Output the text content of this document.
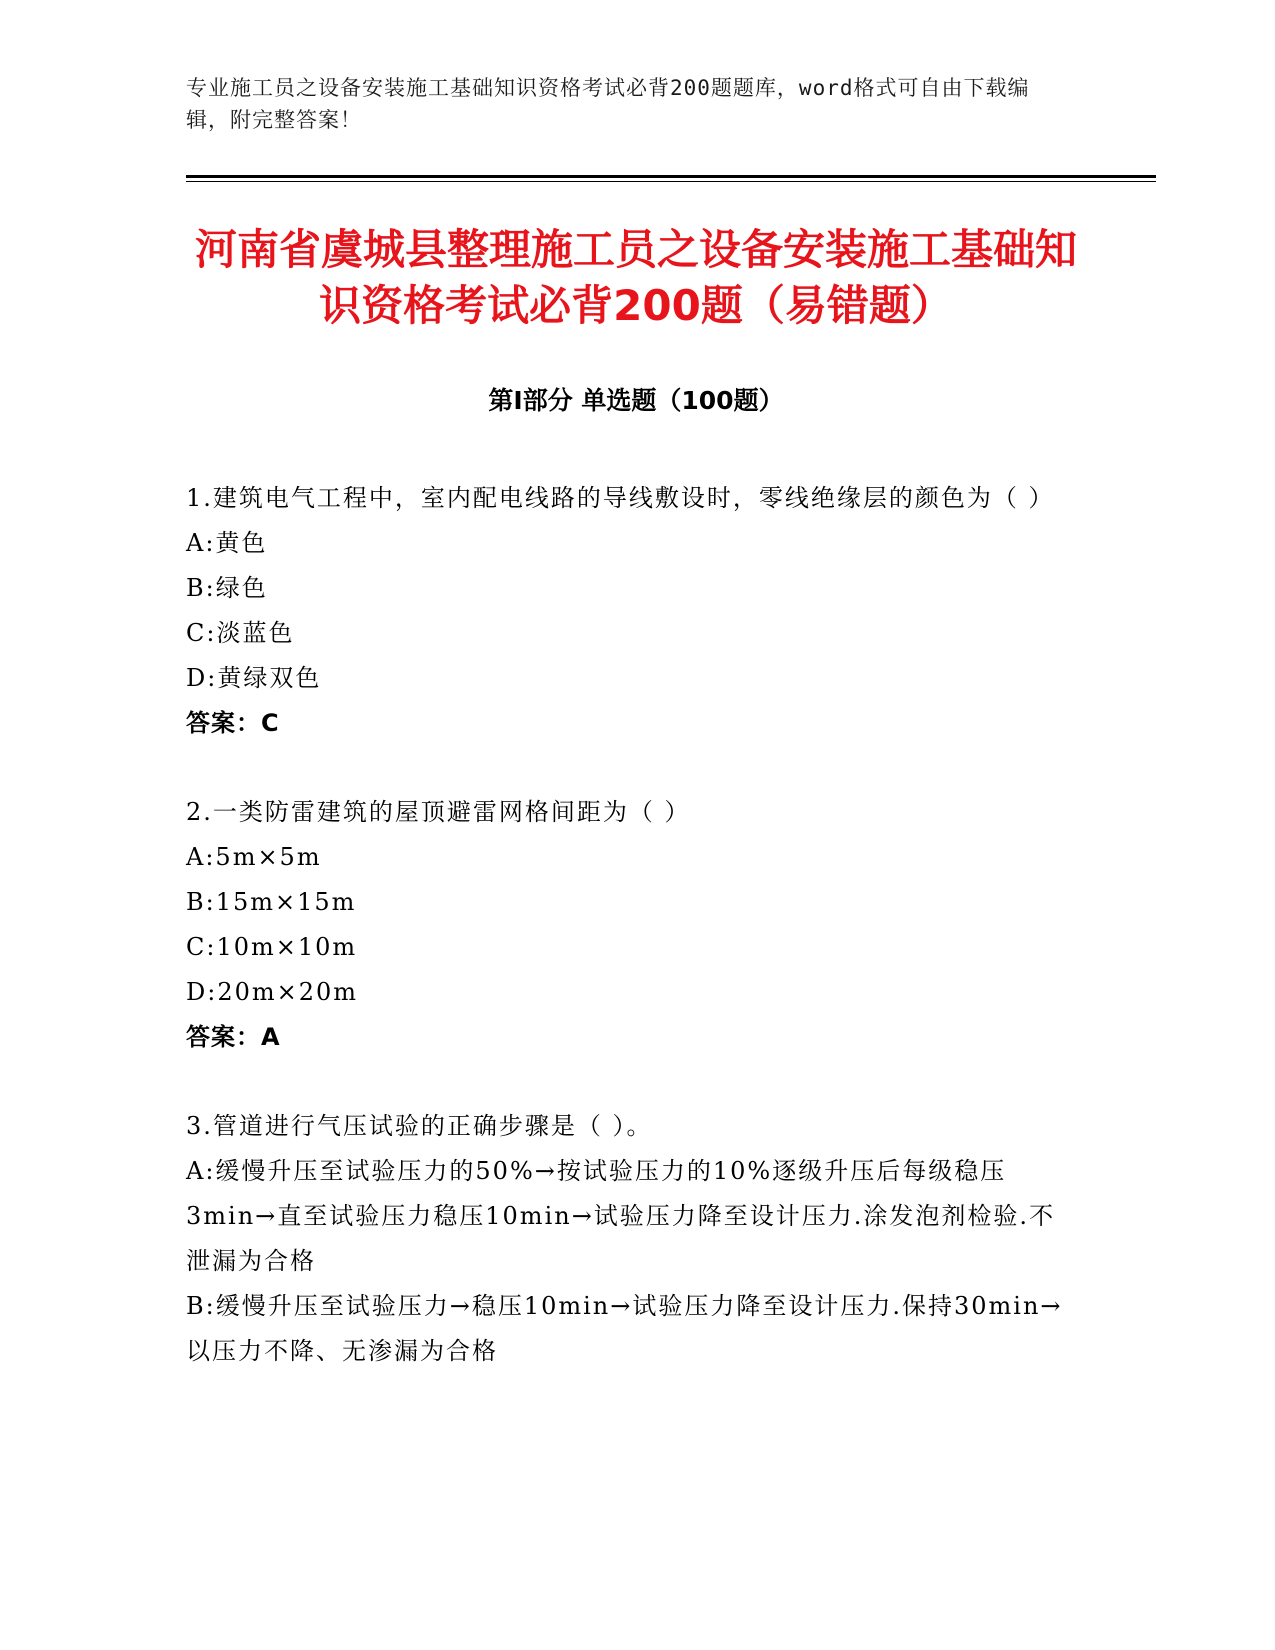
专业施工员之设备安装施工基础知识资格考试必背200题题库，word格式可自由下载编辑，附完整答案！
河南省虞城县整理施工员之设备安装施工基础知识资格考试必背200题（易错题）
第Ⅰ部分 单选题（100题）
1.建筑电气工程中，室内配电线路的导线敷设时，零线绝缘层的颜色为（ ）
A:黄色
B:绿色
C:淡蓝色
D:黄绿双色
答案：C
2.一类防雷建筑的屋顶避雷网格间距为（ ）
A:5m×5m
B:15m×15m
C:10m×10m
D:20m×20m
答案：A
3.管道进行气压试验的正确步骤是（ ）。
A:缓慢升压至试验压力的50%→按试验压力的10%逐级升压后每级稳压3min→直至试验压力稳压10min→试验压力降至设计压力.涂发泡剂检验.不泄漏为合格
B:缓慢升压至试验压力→稳压10min→试验压力降至设计压力.保持30min→以压力不降、无渗漏为合格
